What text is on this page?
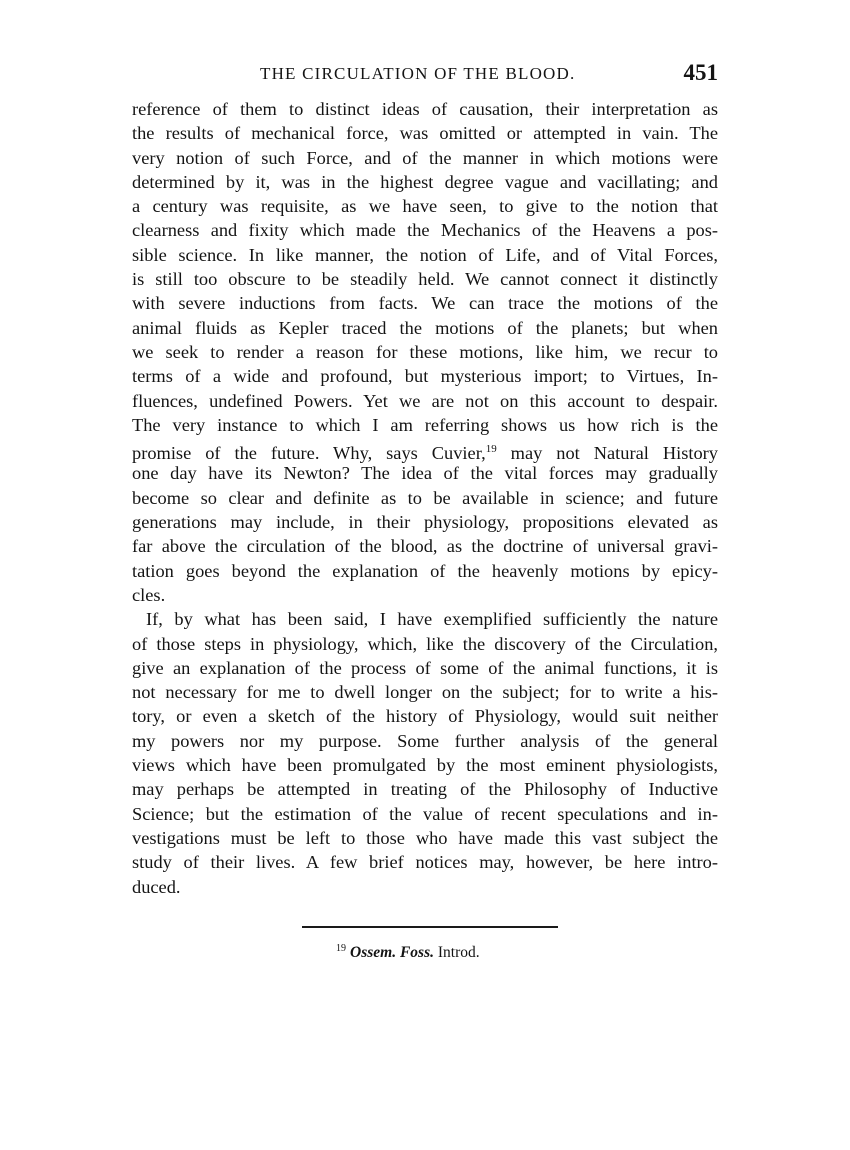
THE CIRCULATION OF THE BLOOD.	451
reference of them to distinct ideas of causation, their interpretation as
the results of mechanical force, was omitted or attempted in vain. The
very notion of such Force, and of the manner in which motions were
determined by it, was in the highest degree vague and vacillating; and
a century was requisite, as we have seen, to give to the notion that
clearness and fixity which made the Mechanics of the Heavens a pos-
sible science. In like manner, the notion of Life, and of Vital Forces,
is still too obscure to be steadily held. We cannot connect it distinctly
with severe inductions from facts. We can trace the motions of the
animal fluids as Kepler traced the motions of the planets; but when
we seek to render a reason for these motions, like him, we recur to
terms of a wide and profound, but mysterious import; to Virtues, In-
fluences, undefined Powers. Yet we are not on this account to despair.
The very instance to which I am referring shows us how rich is the
promise of the future. Why, says Cuvier,$^{19}$ may not Natural History
one day have its Newton? The idea of the vital forces may gradually
become so clear and definite as to be available in science; and future
generations may include, in their physiology, propositions elevated as
far above the circulation of the blood, as the doctrine of universal gravi-
tation goes beyond the explanation of the heavenly motions by epicy-
cles.
If, by what has been said, I have exemplified sufficiently the nature
of those steps in physiology, which, like the discovery of the Circulation,
give an explanation of the process of some of the animal functions, it is
not necessary for me to dwell longer on the subject; for to write a his-
tory, or even a sketch of the history of Physiology, would suit neither
my powers nor my purpose. Some further analysis of the general
views which have been promulgated by the most eminent physiologists,
may perhaps be attempted in treating of the Philosophy of Inductive
Science; but the estimation of the value of recent speculations and in-
vestigations must be left to those who have made this vast subject the
study of their lives. A few brief notices may, however, be here intro-
duced.
$^{19}$ Ossem. Foss. Introd.
